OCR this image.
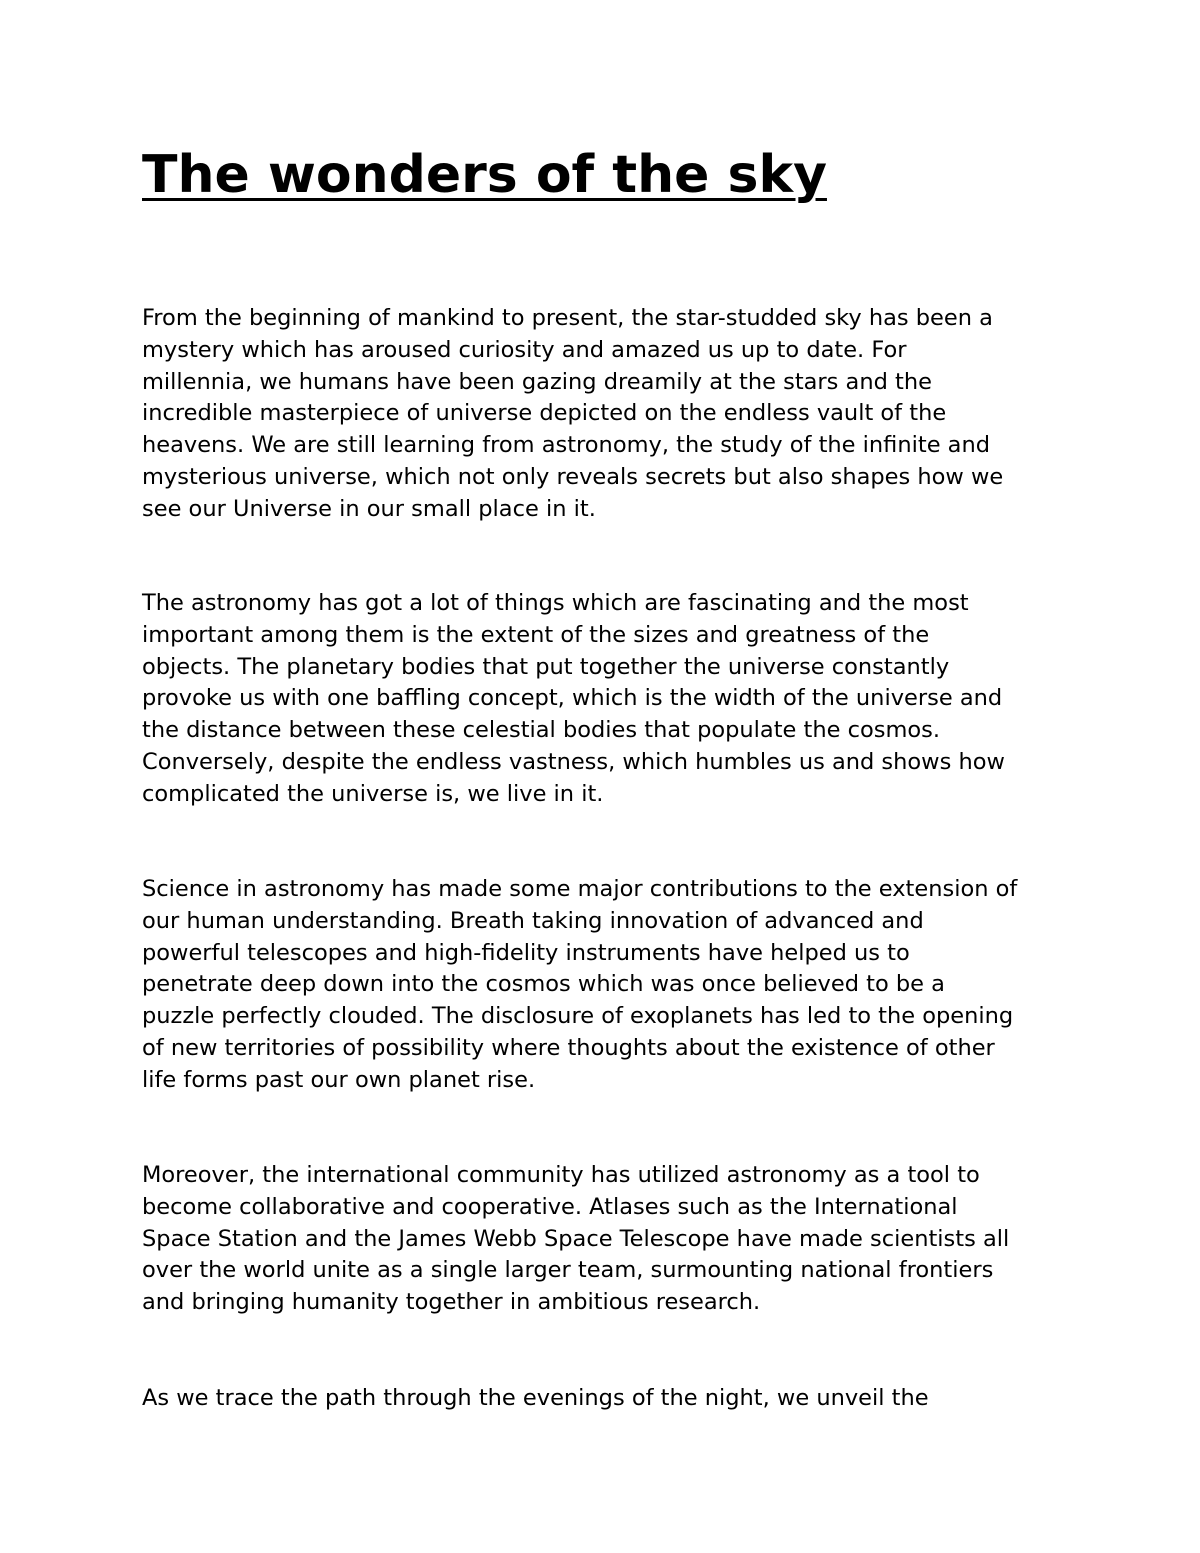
The wonders of the sky

From the beginning of mankind to present, the star-studded sky has been a
mystery which has aroused curiosity and amazed us up to date. For
millennia, we humans have been gazing dreamily at the stars and the
incredible masterpiece of universe depicted on the endless vault of the
heavens. We are still learning from astronomy, the study of the infinite and
mysterious universe, which not only reveals secrets but also shapes how we
see our Universe in our small place in it.

The astronomy has got a lot of things which are fascinating and the most
important among them is the extent of the sizes and greatness of the
objects. The planetary bodies that put together the universe constantly
provoke us with one baffling concept, which is the width of the universe and
the distance between these celestial bodies that populate the cosmos.
Conversely, despite the endless vastness, which humbles us and shows how
complicated the universe is, we live in it.

Science in astronomy has made some major contributions to the extension of
our human understanding. Breath taking innovation of advanced and
powerful telescopes and high-fidelity instruments have helped us to
penetrate deep down into the cosmos which was once believed to be a
puzzle perfectly clouded. The disclosure of exoplanets has led to the opening
of new territories of possibility where thoughts about the existence of other
life forms past our own planet rise.

Moreover, the international community has utilized astronomy as a tool to
become collaborative and cooperative. Atlases such as the International
Space Station and the James Webb Space Telescope have made scientists all
over the world unite as a single larger team, surmounting national frontiers
and bringing humanity together in ambitious research.

As we trace the path through the evenings of the night, we unveil the
